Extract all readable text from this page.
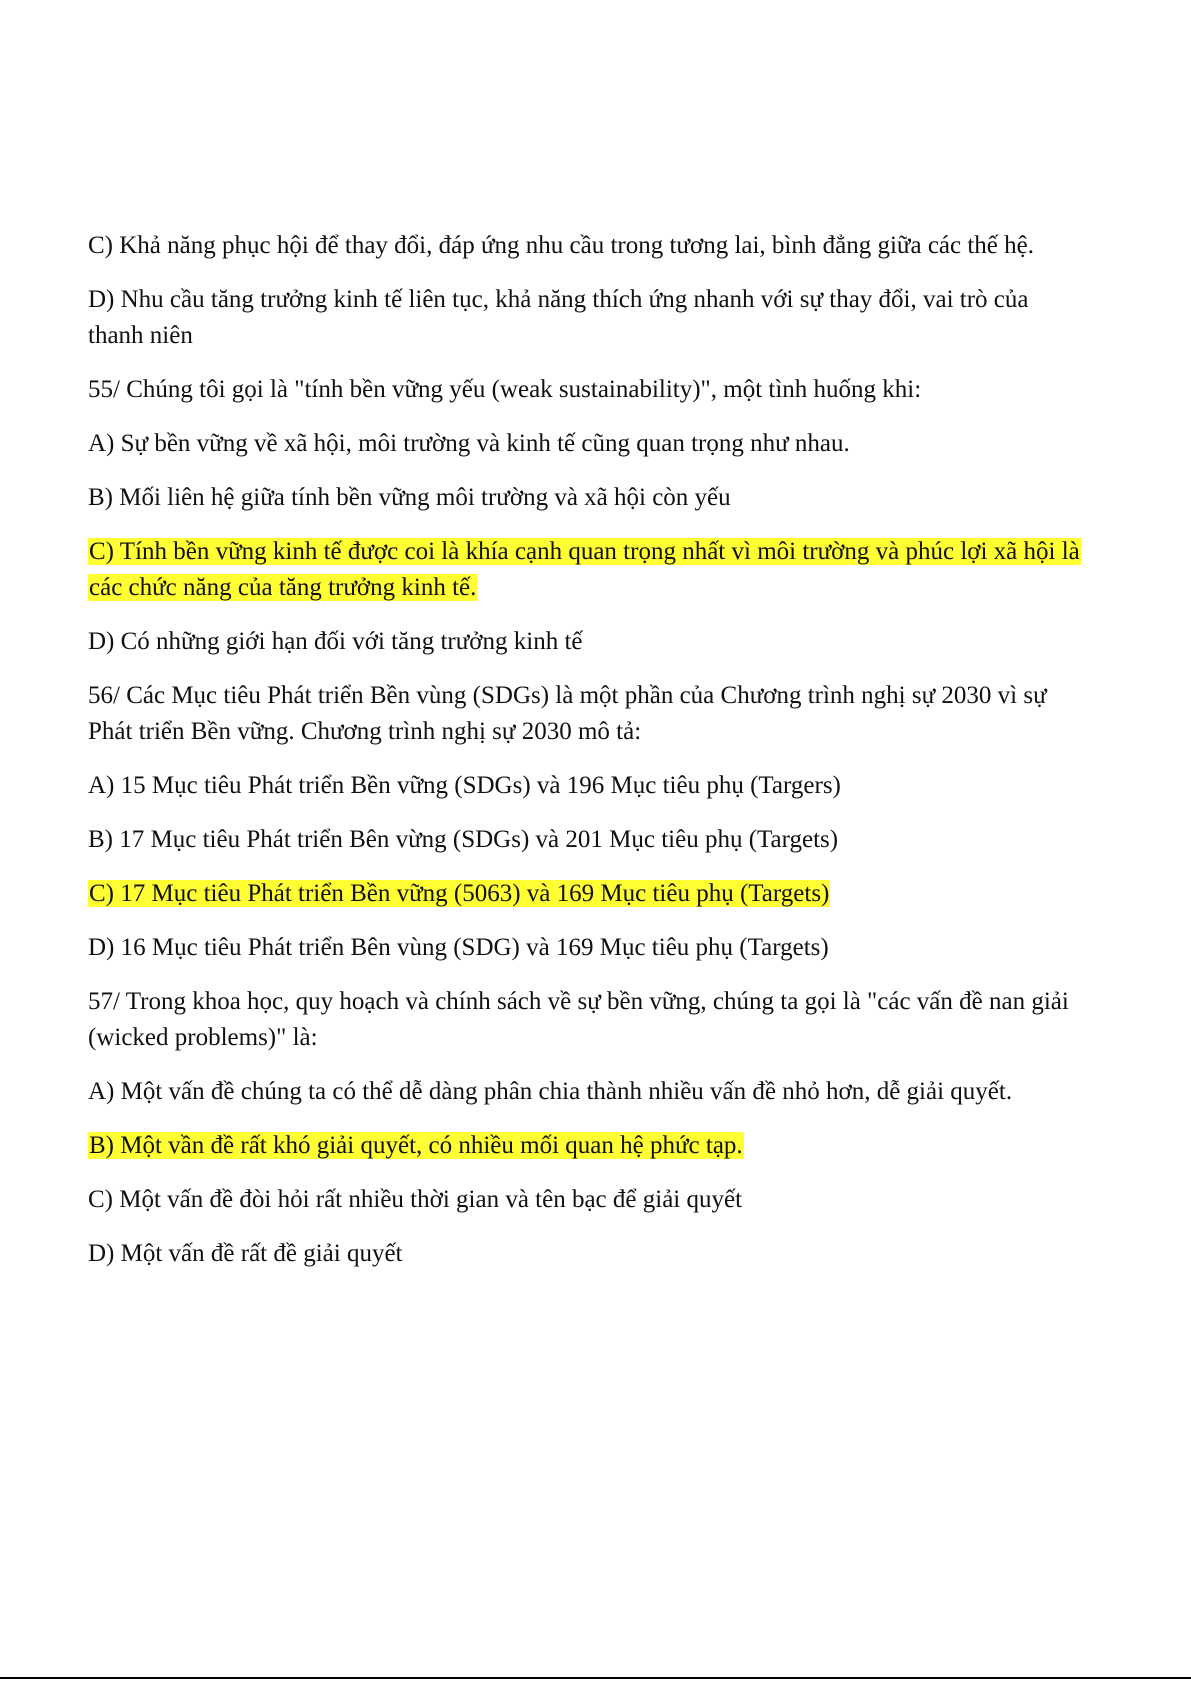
C) Khả năng phục hội để thay đổi, đáp ứng nhu cầu trong tương lai, bình đẳng giữa các thế hệ.

D) Nhu cầu tăng trưởng kinh tế liên tục, khả năng thích ứng nhanh với sự thay đổi, vai trò của thanh niên

55/ Chúng tôi gọi là "tính bền vững yếu (weak sustainability)", một tình huống khi:

A) Sự bền vững về xã hội, môi trường và kinh tế cũng quan trọng như nhau.

B) Mối liên hệ giữa tính bền vững môi trường và xã hội còn yếu

C) Tính bền vững kinh tế được coi là khía cạnh quan trọng nhất vì môi trường và phúc lợi xã hội là các chức năng của tăng trưởng kinh tế.

D) Có những giới hạn đối với tăng trưởng kinh tế

56/ Các Mục tiêu Phát triển Bền vùng (SDGs) là một phần của Chương trình nghị sự 2030 vì sự Phát triển Bền vững. Chương trình nghị sự 2030 mô tả:

A) 15 Mục tiêu Phát triển Bền vững (SDGs) và 196 Mục tiêu phụ (Targers)

B) 17 Mục tiêu Phát triển Bên vừng (SDGs) và 201 Mục tiêu phụ (Targets)

C) 17 Mục tiêu Phát triển Bền vững (5063) và 169 Mục tiêu phụ (Targets)

D) 16 Mục tiêu Phát triển Bên vùng (SDG) và 169 Mục tiêu phụ (Targets)

57/ Trong khoa học, quy hoạch và chính sách về sự bền vững, chúng ta gọi là "các vấn đề nan giải (wicked problems)" là:

A) Một vấn đề chúng ta có thể dễ dàng phân chia thành nhiều vấn đề nhỏ hơn, dễ giải quyết.

B) Một vần đề rất khó giải quyết, có nhiều mối quan hệ phức tạp.

C) Một vấn đề đòi hỏi rất nhiều thời gian và tên bạc để giải quyết

D) Một vấn đề rất đề giải quyết
